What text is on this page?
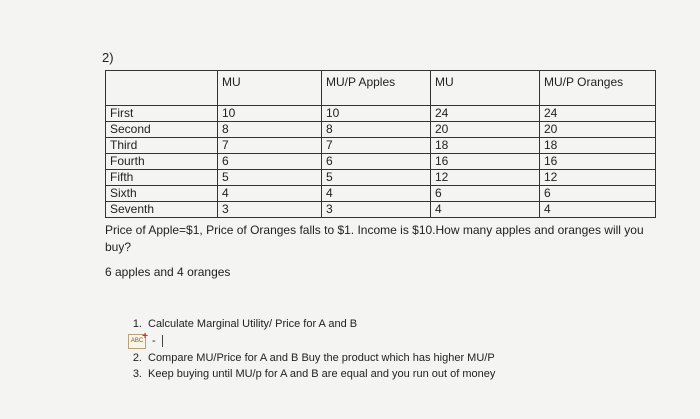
2)
	MU	MU/P Apples	MU	MU/P Oranges
First	10	10	24	24
Second	8	8	20	20
Third	7	7	18	18
Fourth	6	6	16	16
Fifth	5	5	12	12
Sixth	4	4	6	6
Seventh	3	3	4	4
Price of Apple=$1, Price of Oranges falls to $1. Income is $10.How many apples and oranges will you buy?
6 apples and 4 oranges
1. Calculate Marginal Utility/ Price for A and B
ABC
+ -
2. Compare MU/Price for A and B Buy the product which has higher MU/P
3. Keep buying until MU/p for A and B are equal and you run out of money
